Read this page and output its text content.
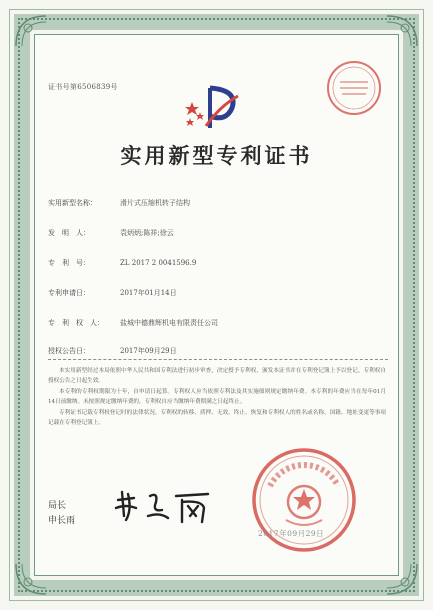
证书号第6506839号
实用新型专利证书
实用新型名称：	滑片式压缩机转子结构
发　明　人：	袁炳炳;陈祥;徐云
专　利　号：	ZL 2017 2 0041596.9
专利申请日：	2017年01月14日
专　利　权　人： 盐城中德鼎辉机电有限责任公司
授权公告日：	2017年09月29日

本实用新型经过本局依照中华人民共和国专利法进行初步审查，决定授予专利权，颁发本证书并在专利登记簿上予以登记。专利权自授权公告之日起生效。

本专利的专利权期限为十年，自申请日起算。专利权人应当依照专利法及其实施细则规定缴纳年费。本专利的年费应当在每年01月14日前缴纳。未按照规定缴纳年费的，专利权自应当缴纳年费期满之日起终止。

专利证书记载专利权登记时的法律状况。专利权的转移、质押、无效、终止、恢复和专利权人的姓名或名称、国籍、地址变更等事项记载在专利登记簿上。

局长
申长雨
2017年09月29日
